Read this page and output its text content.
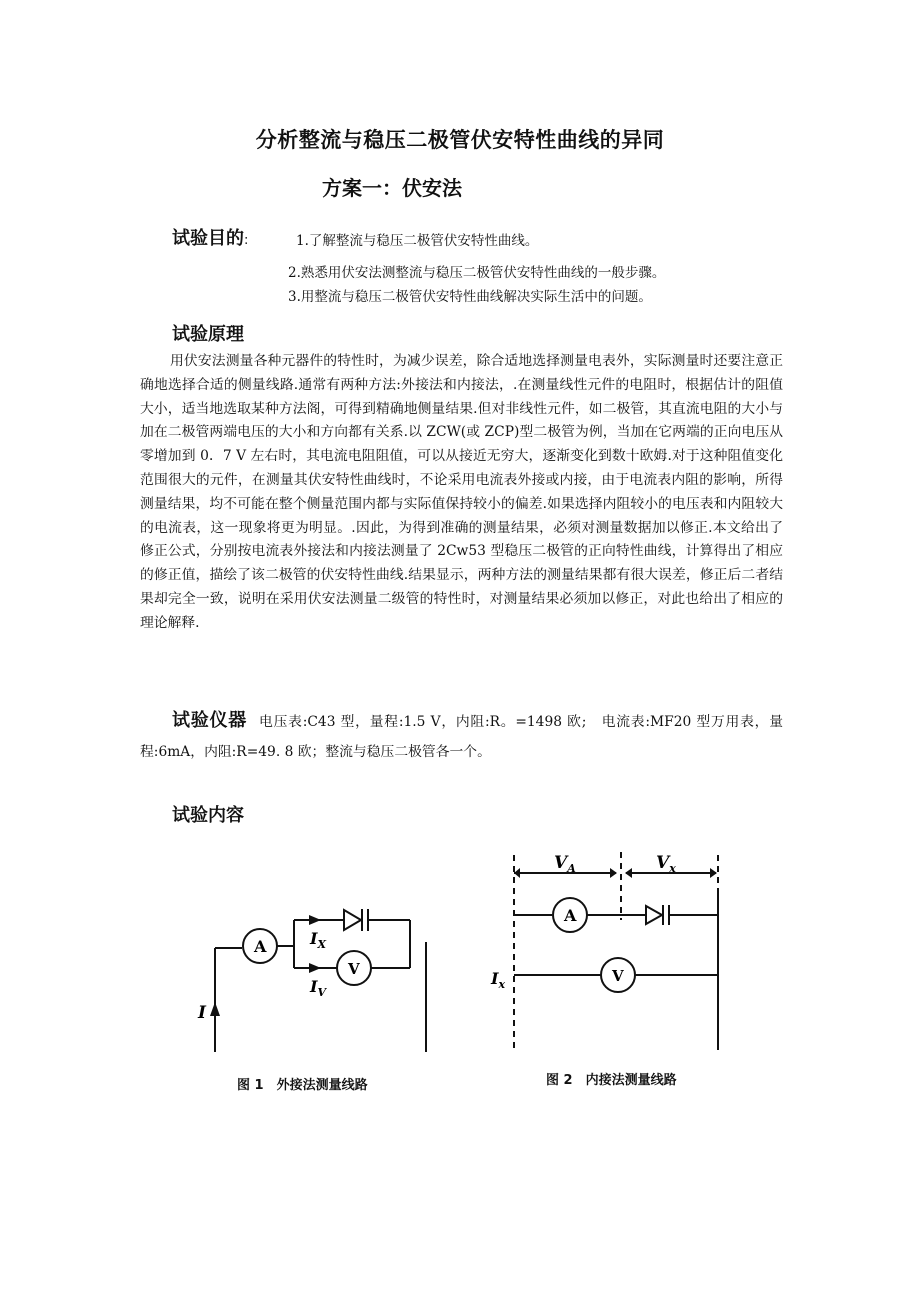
分析整流与稳压二极管伏安特性曲线的异同
方案一：伏安法
试验目的:	1.了解整流与稳压二极管伏安特性曲线。
2.熟悉用伏安法测整流与稳压二极管伏安特性曲线的一般步骤。
3.用整流与稳压二极管伏安特性曲线解决实际生活中的问题。
试验原理
用伏安法测量各种元器件的特性时，为减少误差，除合适地选择测量电表外，实际测量时还要注意正确地选择合适的侧量线路.通常有两种方法:外接法和内接法，.在测量线性元件的电阻时，根据估计的阻值大小，适当地选取某种方法阁，可得到精确地侧量结果.但对非线性元件，如二极管，其直流电阻的大小与加在二极管两端电压的大小和方向都有关系.以 ZCW(或 ZCP)型二极管为例，当加在它两端的正向电压从零增加到 0．7 V 左右时，其电流电阻阻值，可以从接近无穷大，逐渐变化到数十欧姆.对于这种阻值变化范围很大的元件，在测量其伏安特性曲线时，不论采用电流表外接或内接，由于电流表内阻的影响，所得测量结果，均不可能在整个侧量范围内都与实际值保持较小的偏差.如果选择内阻较小的电压表和内阻较大的电流表，这一现象将更为明显。.因此，为得到准确的测量结果，必须对测量数据加以修正.本文给出了修正公式，分别按电流表外接法和内接法测量了 2Cw53 型稳压二极管的正向特性曲线，计算得出了相应的修正值，描绘了该二极管的伏安特性曲线.结果显示，两种方法的测量结果都有很大误差，修正后二者结果却完全一致，说明在采用伏安法测量二级管的特性时，对测量结果必须加以修正，对此也给出了相应的理论解释.
试验仪器 电压表:C43 型，量程:1.5 V，内阻:R。=1498 欧;　电流表:MF20 型万用表，量程:6mA，内阻:R=49. 8 欧；整流与稳压二极管各一个。
试验内容
A
V
$I_X$
$I_V$
I
$V_A$	$V_x$
A
V
$I_x$
图 1　外接法测量线路	图 2　内接法测量线路
